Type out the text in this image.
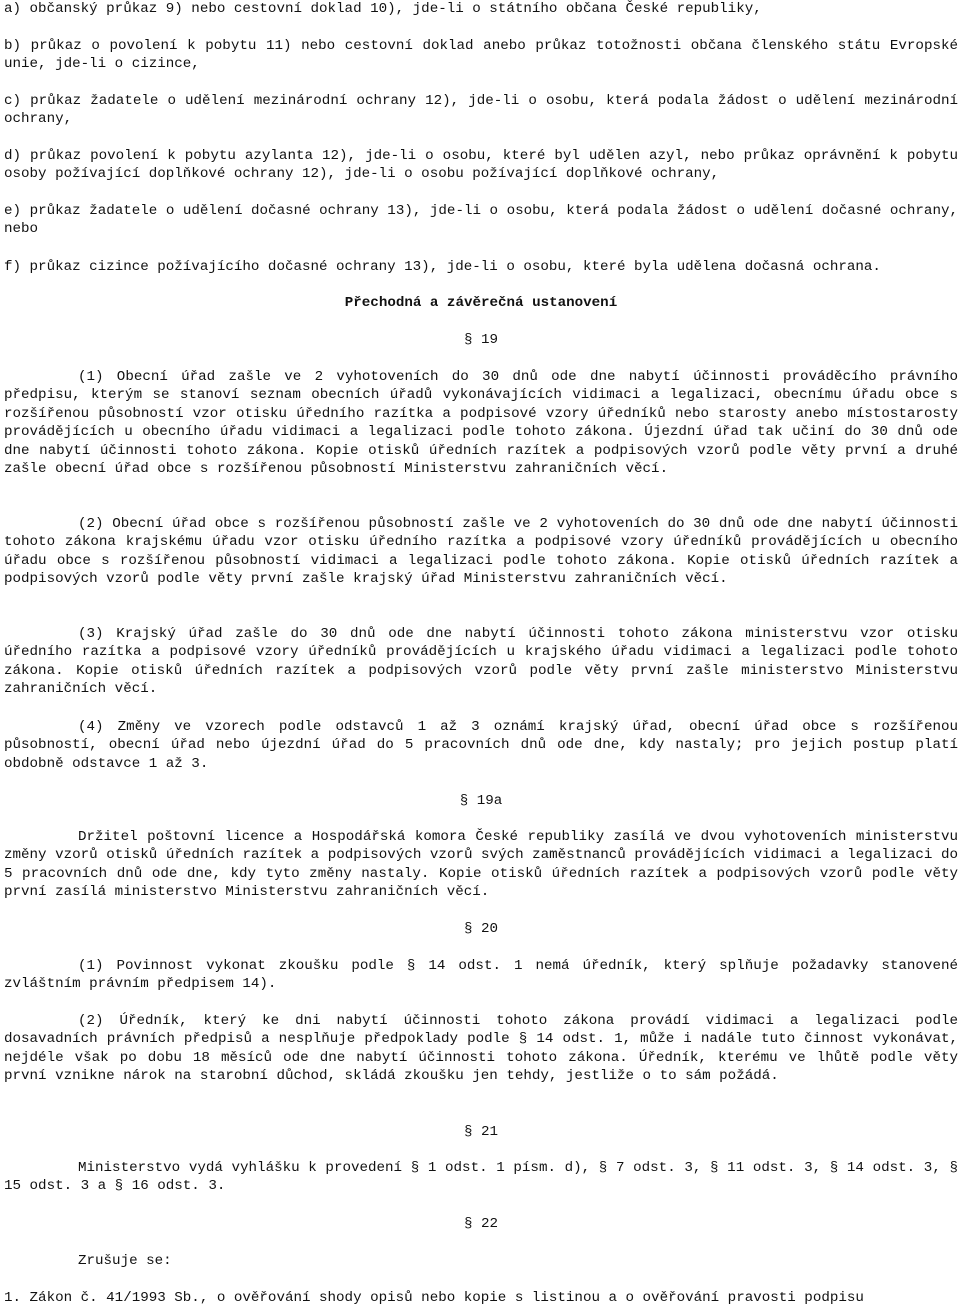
a) občanský průkaz 9) nebo cestovní doklad 10), jde-li o státního občana České republiky,

b) průkaz o povolení k pobytu 11) nebo cestovní doklad anebo průkaz totožnosti občana členského státu Evropské unie, jde-li o cizince,

c) průkaz žadatele o udělení mezinárodní ochrany 12), jde-li o osobu, která podala žádost o udělení mezinárodní ochrany,

d) průkaz povolení k pobytu azylanta 12), jde-li o osobu, které byl udělen azyl, nebo průkaz oprávnění k pobytu osoby požívající doplňkové ochrany 12), jde-li o osobu požívající doplňkové ochrany,

e) průkaz žadatele o udělení dočasné ochrany 13), jde-li o osobu, která podala žádost o udělení dočasné ochrany, nebo

f) průkaz cizince požívajícího dočasné ochrany 13), jde-li o osobu, které byla udělena dočasná ochrana.

Přechodná a závěrečná ustanovení

§ 19

(1) Obecní úřad zašle ve 2 vyhotoveních do 30 dnů ode dne nabytí účinnosti prováděcího právního předpisu, kterým se stanoví seznam obecních úřadů vykonávajících vidimaci a legalizaci, obecnímu úřadu obce s rozšířenou působností vzor otisku úředního razítka a podpisové vzory úředníků nebo starosty anebo místostarosty provádějících u obecního úřadu vidimaci a legalizaci podle tohoto zákona. Újezdní úřad tak učiní do 30 dnů ode dne nabytí účinnosti tohoto zákona. Kopie otisků úředních razítek a podpisových vzorů podle věty první a druhé zašle obecní úřad obce s rozšířenou působností Ministerstvu zahraničních věcí.

(2) Obecní úřad obce s rozšířenou působností zašle ve 2 vyhotoveních do 30 dnů ode dne nabytí účinnosti tohoto zákona krajskému úřadu vzor otisku úředního razítka a podpisové vzory úředníků provádějících u obecního úřadu obce s rozšířenou působností vidimaci a legalizaci podle tohoto zákona. Kopie otisků úředních razítek a podpisových vzorů podle věty první zašle krajský úřad Ministerstvu zahraničních věcí.

(3) Krajský úřad zašle do 30 dnů ode dne nabytí účinnosti tohoto zákona ministerstvu vzor otisku úředního razítka a podpisové vzory úředníků provádějících u krajského úřadu vidimaci a legalizaci podle tohoto zákona. Kopie otisků úředních razítek a podpisových vzorů podle věty první zašle ministerstvo Ministerstvu zahraničních věcí.

(4) Změny ve vzorech podle odstavců 1 až 3 oznámí krajský úřad, obecní úřad obce s rozšířenou působností, obecní úřad nebo újezdní úřad do 5 pracovních dnů ode dne, kdy nastaly; pro jejich postup platí obdobně odstavce 1 až 3.

§ 19a

Držitel poštovní licence a Hospodářská komora České republiky zasílá ve dvou vyhotoveních ministerstvu změny vzorů otisků úředních razítek a podpisových vzorů svých zaměstnanců provádějících vidimaci a legalizaci do 5 pracovních dnů ode dne, kdy tyto změny nastaly. Kopie otisků úředních razítek a podpisových vzorů podle věty první zasílá ministerstvo Ministerstvu zahraničních věcí.

§ 20

(1) Povinnost vykonat zkoušku podle § 14 odst. 1 nemá úředník, který splňuje požadavky stanovené zvláštním právním předpisem 14).

(2) Úředník, který ke dni nabytí účinnosti tohoto zákona provádí vidimaci a legalizaci podle dosavadních právních předpisů a nesplňuje předpoklady podle § 14 odst. 1, může i nadále tuto činnost vykonávat, nejdéle však po dobu 18 měsíců ode dne nabytí účinnosti tohoto zákona. Úředník, kterému ve lhůtě podle věty první vznikne nárok na starobní důchod, skládá zkoušku jen tehdy, jestliže o to sám požádá.

§ 21

Ministerstvo vydá vyhlášku k provedení § 1 odst. 1 písm. d), § 7 odst. 3, § 11 odst. 3, § 14 odst. 3, § 15 odst. 3 a § 16 odst. 3.

§ 22

Zrušuje se:

1. Zákon č. 41/1993 Sb., o ověřování shody opisů nebo kopie s listinou a o ověřování pravosti podpisu
